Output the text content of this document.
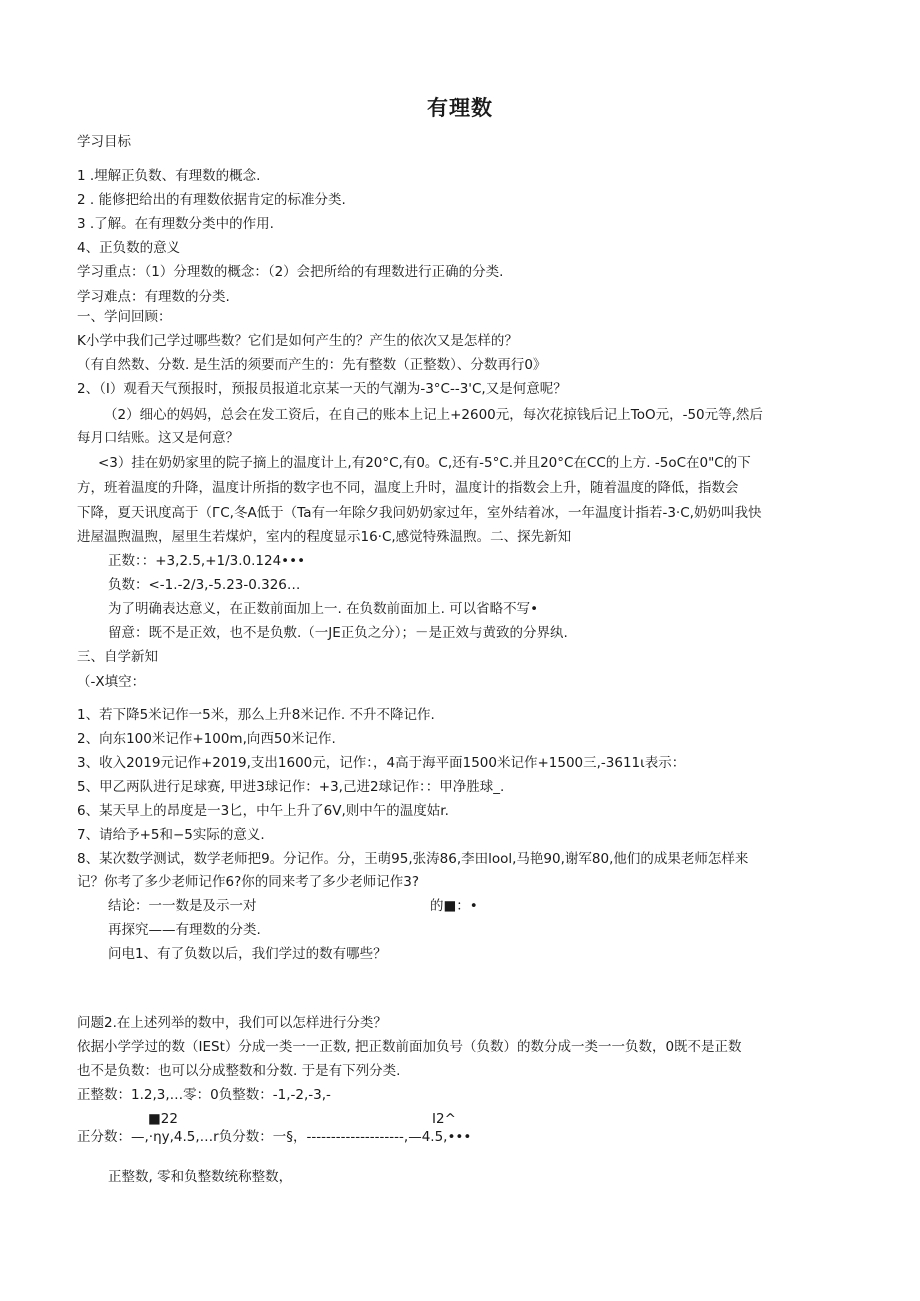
有理数
学习目标
1 .埋解正负数、有理数的概念.
2 . 能修把给出的有理数依据肯定的标准分类.
3 .了解。在有理数分类中的作用.
4、正负数的意义
学习重点：（1）分理数的概念：（2）会把所给的有理数进行正确的分类.
学习难点：有理数的分类.
一、学问回顾：
K小学中我们己学过哪些数？它们是如何产生的？产生的依次又是怎样的？
（有自然数、分数. 是生活的须要而产生的：先有整数（正整数）、分数再行0》
2、（I）观看天气预报时，预报员报道北京某一天的气潮为-3°C--3'C,又是何意呢？
（2）细心的妈妈，总会在发工资后，在自己的账本上记上+2600元，每次花掠钱后记上ToO元，-50元等,然后
每月口结账。这又是何意？
<3）挂在奶奶家里的院子摘上的温度计上,有20°C,有0。C,还有-5°C.并且20°C在CC的上方. -5oC在0"C的下
方，班着温度的升降，温度计所指的数字也不同，温度上升时，温度计的指数会上升，随着温度的降低，指数会
下降，夏天讯度高于（ГC,冬A低于（Ta有一年除夕我问奶奶家过年，室外结着冰，一年温度计指若-3·C,奶奶叫我快
进屋温煦温煦，屋里生若煤炉，室内的程度显示16·C,感觉特殊温煦。二、探先新知
正数：：+3,2.5,+1/3.0.124•••
负数：<-1.-2/3,-5.23-0.326…
为了明确表达意义，在正数前面加上一. 在负数前面加上. 可以省略不写•
留意：既不是正效，也不是负敷.（一JE正负之分）；－是正效与黄致的分界纨.
三、自学新知
（-X填空：
1、若下降5米记作一5米，那么上升8米记作. 不升不降记作.
2、向东100米记作+100m,向西50米记作.
3、收入2019元记作+2019,支出1600元，记作：，4高于海平面1500米记作+1500三,-3611ι表示：
5、甲乙两队进行足球赛, 甲进3球记作：+3,己进2球记作：：甲净胜球_.
6、某天早上的昂度是一3匕，中午上升了6V,则中午的温度姑r.
7、请给予+5和−5实际的意义.
8、某次数学测试，数学老师把9。分记作。分，王萌95,张涛86,李田lool,马艳90,谢军80,他们的成果老师怎样来
记？你考了多少老师记作6?你的同来考了多少老师记作3?
结论：一一数是及示一对	的■：•
再探究——有理数的分类.
问电1、有了负数以后，我们学过的数有哪些？
问题2.在上述列举的数中，我们可以怎样进行分类？
依据小学学过的数（IESt）分成一类一一正数, 把正数前面加负号（负数）的数分成一类一一负数，0既不是正数
也不是负数：也可以分成整数和分数. 于是有下列分类.
正整数：1.2,3,…零：0负整数：-1,-2,-3,-
■22	I2^
正分数：—,·ηy,4.5,…r负分数：一§，--------------------,—4.5,•••
正整数, 零和负整数统称整数，
